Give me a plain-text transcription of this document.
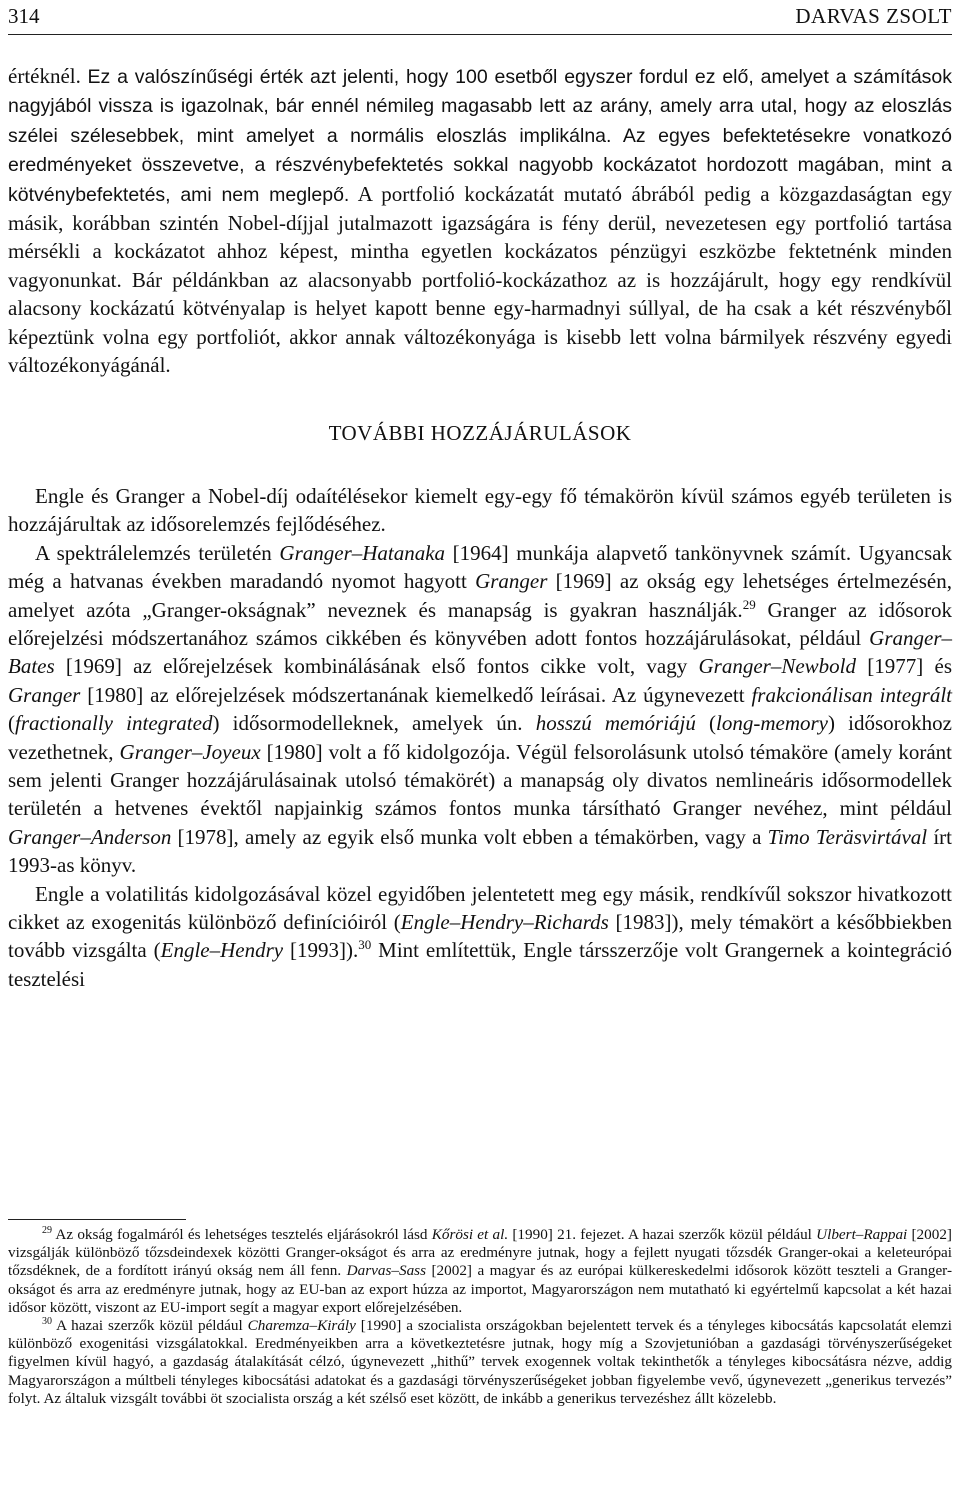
314	DARVAS ZSOLT

értéknél. Ez a valószínűségi érték azt jelenti, hogy 100 esetből egyszer fordul ez elő, amelyet a számítások nagyjából vissza is igazolnak, bár ennél némileg magasabb lett az arány, amely arra utal, hogy az eloszlás szélei szélesebbek, mint amelyet a normális eloszlás implikálna. Az egyes befektetésekre vonatkozó eredményeket összevetve, a részvénybefektetés sokkal nagyobb kockázatot hordozott magában, mint a kötvénybefektetés, ami nem meglepő. A portfolió kockázatát mutató ábrából pedig a közgazdaságtan egy másik, korábban szintén Nobel-díjjal jutalmazott igazságára is fény derül, nevezetesen egy portfolió tartása mérsékli a kockázatot ahhoz képest, mintha egyetlen kockázatos pénzügyi eszközbe fektetnénk minden vagyonunkat. Bár példánkban az alacsonyabb portfolió-kockázathoz az is hozzájárult, hogy egy rendkívül alacsony kockázatú kötvényalap is helyet kapott benne egy-harmadnyi súllyal, de ha csak a két részvényből képeztünk volna egy portfoliót, akkor annak változékonyága is kisebb lett volna bármilyek részvény egyedi változékonyágánál.

TOVÁBBI HOZZÁJÁRULÁSOK

Engle és Granger a Nobel-díj odaítélésekor kiemelt egy-egy fő témakörön kívül számos egyéb területen is hozzájárultak az idősorelemzés fejlődéséhez.

A spektrálelemzés területén Granger–Hatanaka [1964] munkája alapvető tankönyvnek számít. Ugyancsak még a hatvanas években maradandó nyomot hagyott Granger [1969] az okság egy lehetséges értelmezésén, amelyet azóta „Granger-okságnak” neveznek és manapság is gyakran használják.$^{29}$ Granger az idősorok előrejelzési módszertanához számos cikkében és könyvében adott fontos hozzájárulásokat, például Granger–Bates [1969] az előrejelzések kombinálásának első fontos cikke volt, vagy Granger–Newbold [1977] és Granger [1980] az előrejelzések módszertanának kiemelkedő leírásai. Az úgynevezett frakcionálisan integrált (fractionally integrated) idősormodelleknek, amelyek ún. hosszú memóriájú (long-memory) idősorokhoz vezethetnek, Granger–Joyeux [1980] volt a fő kidolgozója. Végül felsorolásunk utolsó témaköre (amely koránt sem jelenti Granger hozzájárulásainak utolsó témakörét) a manapság oly divatos nemlineáris idősormodellek területén a hetvenes évektől napjainkig számos fontos munka társítható Granger nevéhez, mint például Granger–Anderson [1978], amely az egyik első munka volt ebben a témakörben, vagy a Timo Teräsvirtával írt 1993-as könyv.

Engle a volatilitás kidolgozásával közel egyidőben jelentetett meg egy másik, rendkívűl sokszor hivatkozott cikket az exogenitás különböző definícióiról (Engle–Hendry–Richards [1983]), mely témakört a későbbiekben tovább vizsgálta (Engle–Hendry [1993]).$^{30}$ Mint említettük, Engle társszerzője volt Grangernek a kointegráció tesztelési

$^{29}$ Az okság fogalmáról és lehetséges tesztelés eljárásokról lásd Kőrösi et al. [1990] 21. fejezet. A hazai szerzők közül például Ulbert–Rappai [2002] vizsgálják különböző tőzsdeindexek közötti Granger-okságot és arra az eredményre jutnak, hogy a fejlett nyugati tőzsdék Granger-okai a keleteurópai tőzsdéknek, de a fordított irányú okság nem áll fenn. Darvas–Sass [2002] a magyar és az európai külkereskedelmi idősorok között teszteli a Granger-okságot és arra az eredményre jutnak, hogy az EU-ban az export húzza az importot, Magyarországon nem mutatható ki egyértelmű kapcsolat a két hazai idősor között, viszont az EU-import segít a magyar export előrejelzésében.

$^{30}$ A hazai szerzők közül például Charemza–Király [1990] a szocialista országokban bejelentett tervek és a tényleges kibocsátás kapcsolatát elemzi különböző exogenitási vizsgálatokkal. Eredményeikben arra a következtetésre jutnak, hogy míg a Szovjetunióban a gazdasági törvényszerűségeket figyelmen kívül hagyó, a gazdaság átalakítását célzó, úgynevezett „hithű” tervek exogennek voltak tekinthetők a tényleges kibocsátásra nézve, addig Magyarországon a múltbeli tényleges kibocsátási adatokat és a gazdasági törvényszerűségeket jobban figyelembe vevő, úgynevezett „generikus tervezés” folyt. Az általuk vizsgált további öt szocialista ország a két szélső eset között, de inkább a generikus tervezéshez állt közelebb.
